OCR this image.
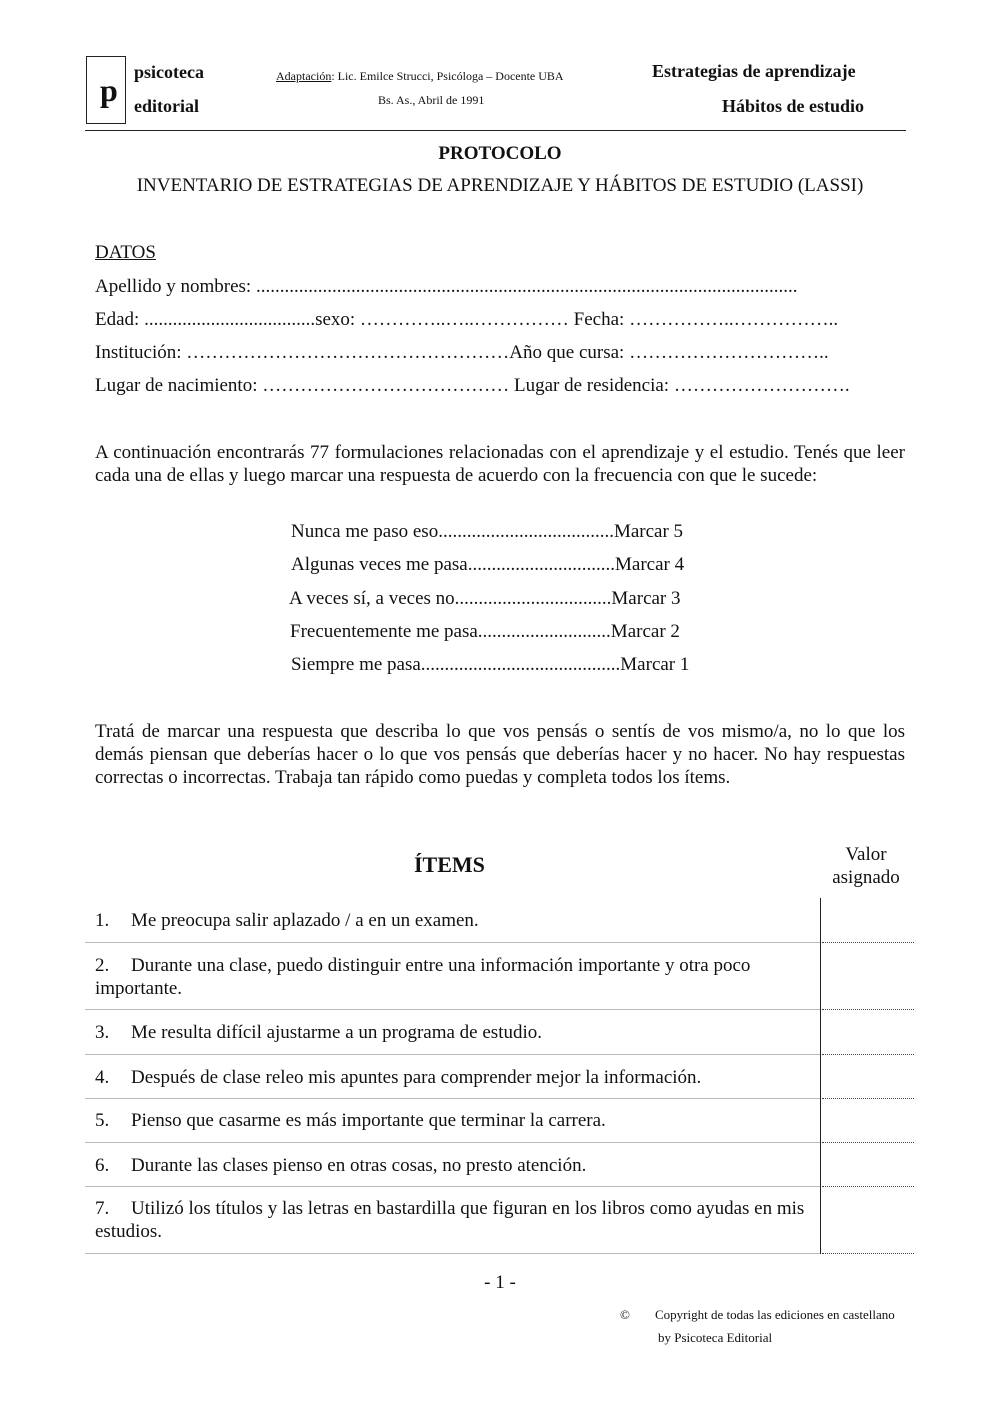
p psicoteca
editorial
Adaptación: Lic. Emilce Strucci, Psicóloga – Docente UBA
Bs. As., Abril de 1991
Estrategias de aprendizaje
Hábitos de estudio
PROTOCOLO
INVENTARIO DE ESTRATEGIAS DE APRENDIZAJE Y HÁBITOS DE ESTUDIO (LASSI)
DATOS
Apellido y nombres: ..................................................................................................................
Edad: ....................................sexo: …………..…..…………… Fecha: ……………..……………..
Institución: ……………………………………………Año que cursa: …………………………..
Lugar de nacimiento: ………………………………… Lugar de residencia: ……………………….
A continuación encontrarás 77 formulaciones relacionadas con el aprendizaje y el estudio. Tenés que leer cada una de ellas y luego marcar una respuesta de acuerdo con la frecuencia con que le sucede:
Nunca me paso eso.....................................Marcar 5
Algunas veces me pasa...............................Marcar 4
A veces sí, a veces no.................................Marcar 3
Frecuentemente me pasa............................Marcar 2
Siempre me pasa..........................................Marcar 1
Tratá de marcar una respuesta que describa lo que vos pensás o sentís de vos mismo/a, no lo que los demás piensan que deberías hacer o lo que vos pensás que deberías hacer y no hacer. No hay respuestas correctas o incorrectas. Trabaja tan rápido como puedas y completa todos los ítems.
ÍTEMS	Valor
asignado
1. Me preocupa salir aplazado / a en un examen.
2. Durante una clase, puedo distinguir entre una información importante y otra poco importante.
3. Me resulta difícil ajustarme a un programa de estudio.
4. Después de clase releo mis apuntes para comprender mejor la información.
5. Pienso que casarme es más importante que terminar la carrera.
6. Durante las clases pienso en otras cosas, no presto atención.
7. Utilizó los títulos y las letras en bastardilla que figuran en los libros como ayudas en mis estudios.
- 1 -
© Copyright de todas las ediciones en castellano
by Psicoteca Editorial
